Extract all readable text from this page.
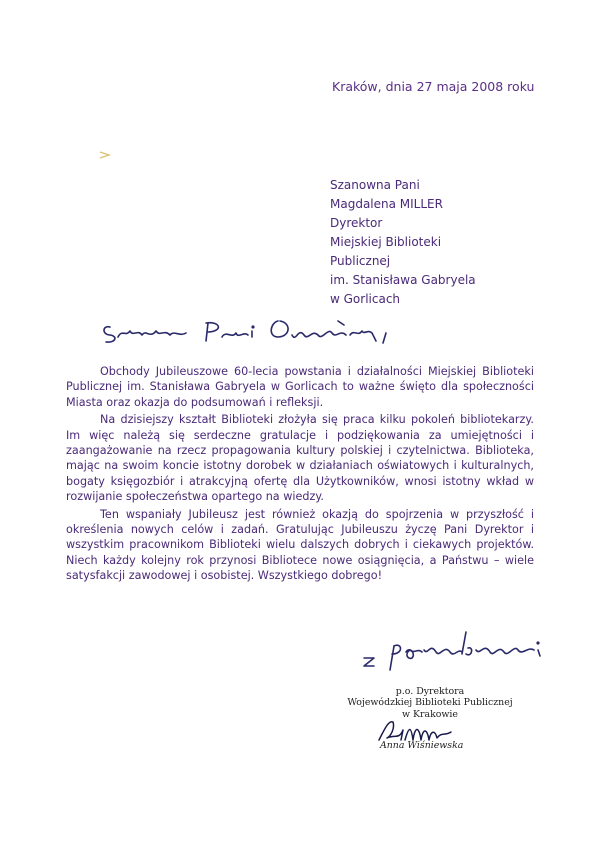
Kraków, dnia 27 maja 2008 roku
Szanowna Pani
Magdalena MILLER
Dyrektor
Miejskiej Biblioteki
Publicznej
im. Stanisława Gabryela
w Gorlicach

Obchody Jubileuszowe 60-lecia powstania i działalności Miejskiej Biblioteki Publicznej im. Stanisława Gabryela w Gorlicach to ważne święto dla społeczności Miasta oraz okazja do podsumowań i refleksji.

Na dzisiejszy kształt Biblioteki złożyła się praca kilku pokoleń bibliotekarzy. Im więc należą się serdeczne gratulacje i podziękowania za umiejętności i zaangażowanie na rzecz propagowania kultury polskiej i czytelnictwa. Biblioteka, mając na swoim koncie istotny dorobek w działaniach oświatowych i kulturalnych, bogaty księgozbiór i atrakcyjną ofertę dla Użytkowników, wnosi istotny wkład w rozwijanie społeczeństwa opartego na wiedzy.

Ten wspaniały Jubileusz jest również okazją do spojrzenia w przyszłość i określenia nowych celów i zadań. Gratulując Jubileuszu życzę Pani Dyrektor i wszystkim pracownikom Biblioteki wielu dalszych dobrych i ciekawych projektów. Niech każdy kolejny rok przynosi Bibliotece nowe osiągnięcia, a Państwu – wiele satysfakcji zawodowej i osobistej. Wszystkiego dobrego!

p.o. Dyrektora
Wojewódzkiej Biblioteki Publicznej
w Krakowie
Anna Wiśniewska
